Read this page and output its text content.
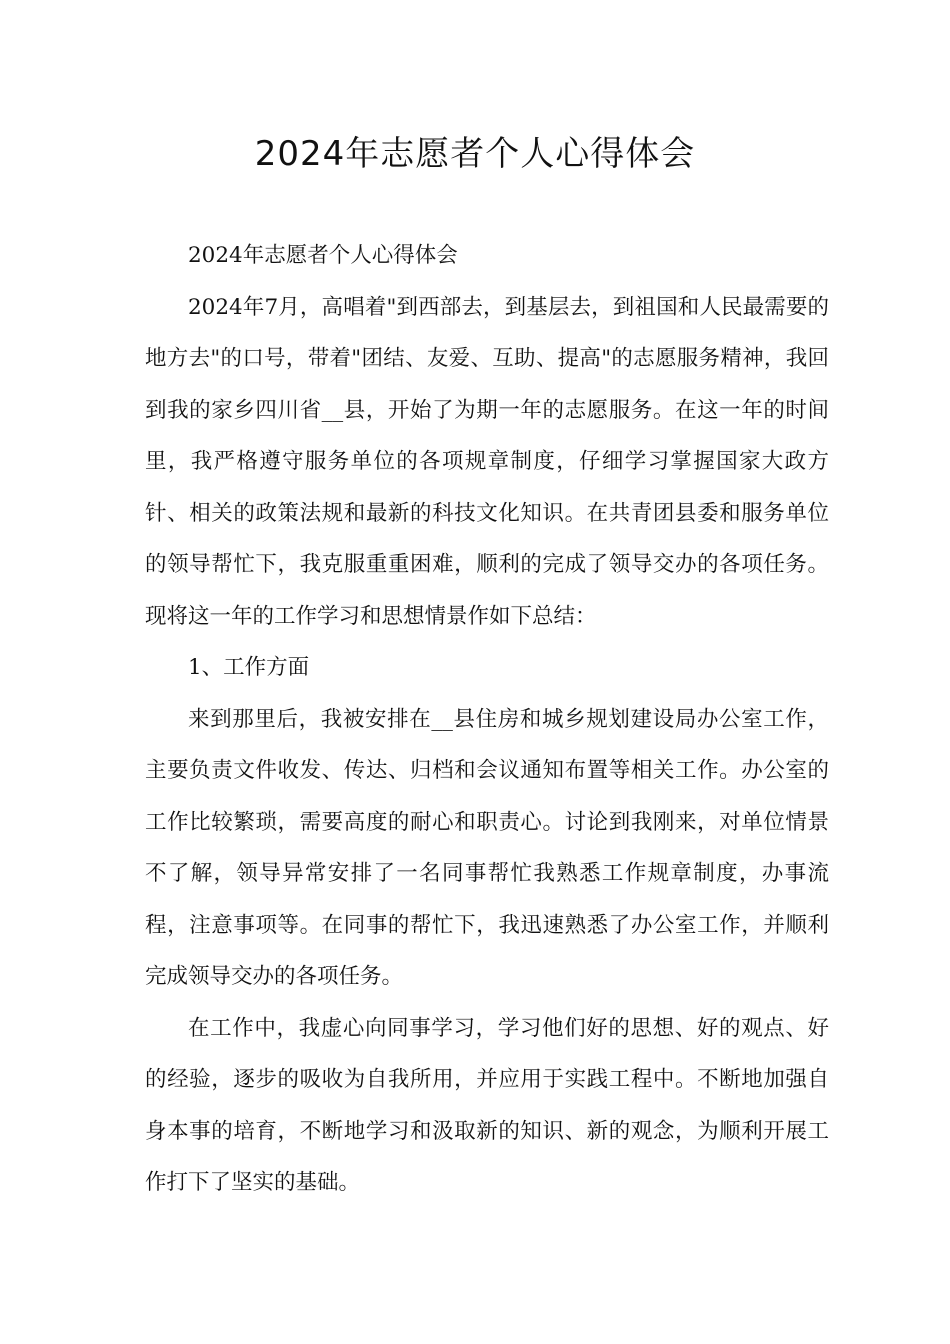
2024年志愿者个人心得体会

2024年志愿者个人心得体会

2024年7月，高唱着"到西部去，到基层去，到祖国和人民最需要的地方去"的口号，带着"团结、友爱、互助、提高"的志愿服务精神，我回到我的家乡四川省__县，开始了为期一年的志愿服务。在这一年的时间里，我严格遵守服务单位的各项规章制度，仔细学习掌握国家大政方针、相关的政策法规和最新的科技文化知识。在共青团县委和服务单位的领导帮忙下，我克服重重困难，顺利的完成了领导交办的各项任务。现将这一年的工作学习和思想情景作如下总结：

1、工作方面

来到那里后，我被安排在__县住房和城乡规划建设局办公室工作，主要负责文件收发、传达、归档和会议通知布置等相关工作。办公室的工作比较繁琐，需要高度的耐心和职责心。讨论到我刚来，对单位情景不了解，领导异常安排了一名同事帮忙我熟悉工作规章制度，办事流程，注意事项等。在同事的帮忙下，我迅速熟悉了办公室工作，并顺利完成领导交办的各项任务。

在工作中，我虚心向同事学习，学习他们好的思想、好的观点、好的经验，逐步的吸收为自我所用，并应用于实践工程中。不断地加强自身本事的培育，不断地学习和汲取新的知识、新的观念，为顺利开展工作打下了坚实的基础。
